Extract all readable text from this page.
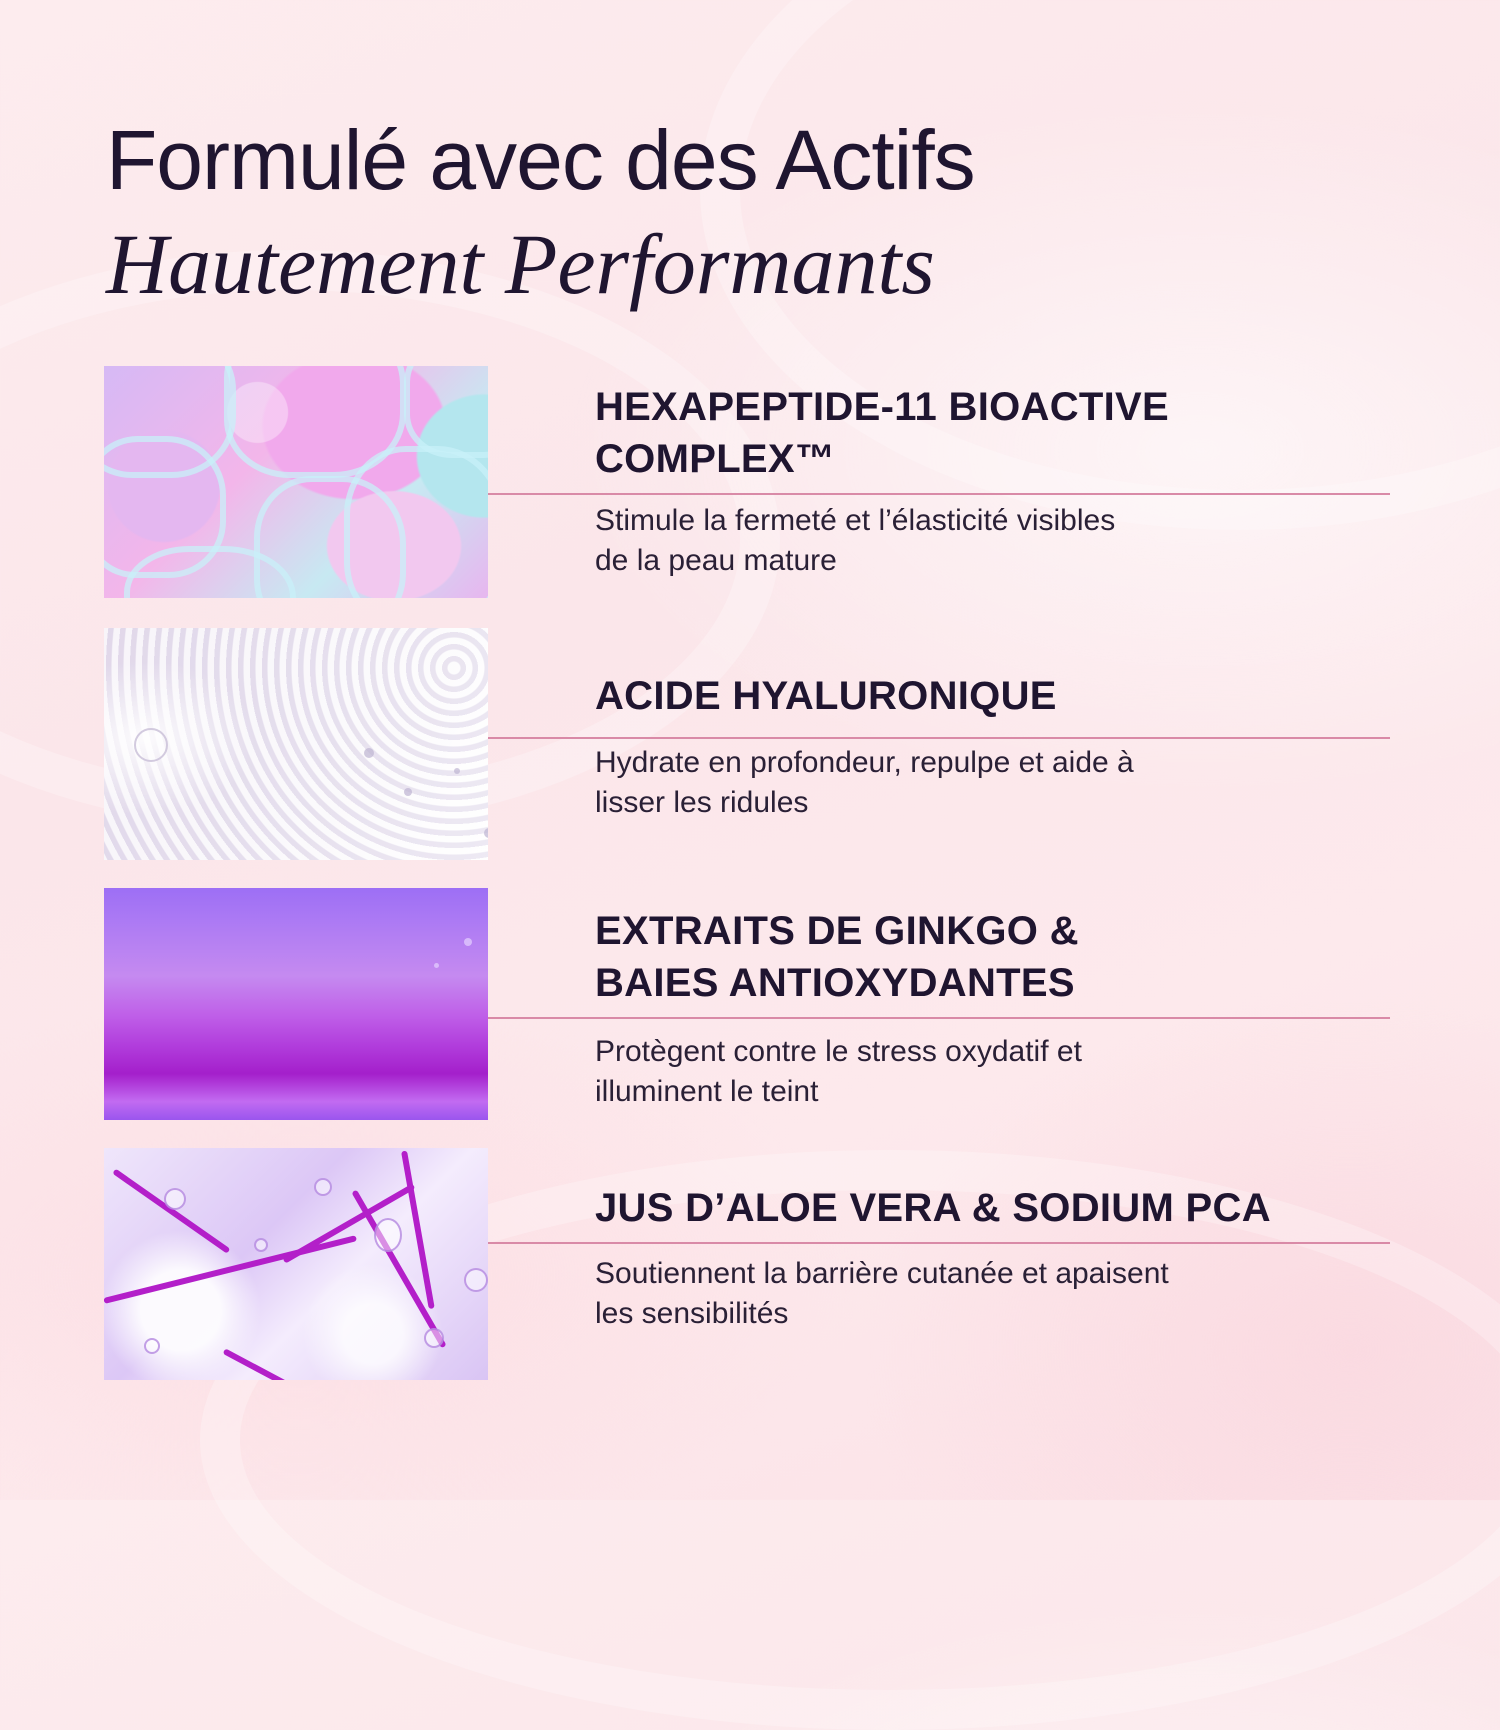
Formulé avec des Actifs
Hautement Performants
HEXAPEPTIDE-11 BIOACTIVE
COMPLEX™
Stimule la fermeté et l’élasticité visibles
de la peau mature
ACIDE HYALURONIQUE
Hydrate en profondeur, repulpe et aide à
lisser les ridules
EXTRAITS DE GINKGO &
BAIES ANTIOXYDANTES
Protègent contre le stress oxydatif et
illuminent le teint
JUS D’ALOE VERA & SODIUM PCA
Soutiennent la barrière cutanée et apaisent
les sensibilités
